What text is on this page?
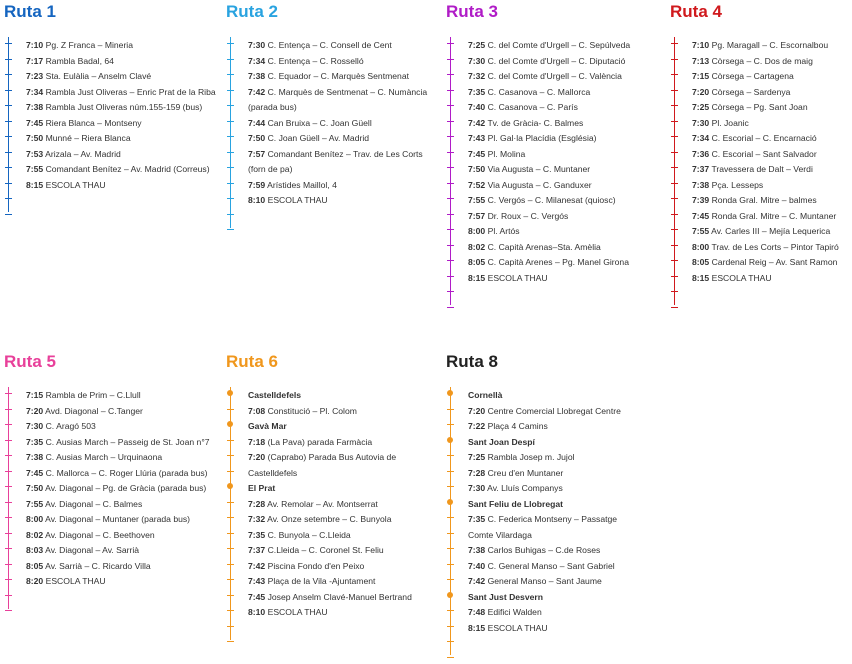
Ruta 1
7:10 Pg. Z Franca – Mineria
7:17 Rambla Badal, 64
7:23 Sta. Eulàlia – Anselm Clavé
7:34 Rambla Just Oliveras – Enric Prat de la Riba
7:38 Rambla Just Oliveras núm.155-159 (bus)
7:45 Riera Blanca – Montseny
7:50 Munné – Riera Blanca
7:53 Arizala – Av. Madrid
7:55 Comandant Benítez – Av. Madrid (Correus)
8:15 ESCOLA THAU
Ruta 2
7:30 C. Entença – C. Consell de Cent
7:34 C. Entença – C. Rosselló
7:38 C. Equador – C. Marquès Sentmenat
7:42 C. Marquès de Sentmenat – C. Numància
(parada bus)
7:44 Can Bruixa – C. Joan Güell
7:50 C. Joan Güell – Av. Madrid
7:57 Comandant Benítez – Trav. de Les Corts
(forn de pa)
7:59 Arístides Maillol, 4
8:10 ESCOLA THAU
Ruta 3
7:25 C. del Comte d'Urgell – C. Sepúlveda
7:30 C. del Comte d'Urgell – C. Diputació
7:32 C. del Comte d'Urgell – C. València
7:35 C. Casanova – C. Mallorca
7:40 C. Casanova – C. París
7:42 Tv. de Gràcia- C. Balmes
7:43 Pl. Gal·la Placídia (Església)
7:45 Pl. Molina
7:50 Via Augusta – C. Muntaner
7:52 Via Augusta – C. Ganduxer
7:55 C. Vergós – C. Milanesat (quiosc)
7:57 Dr. Roux – C. Vergós
8:00 Pl. Artós
8:02 C. Capità Arenas–Sta. Amèlia
8:05 C. Capità Arenes – Pg. Manel Girona
8:15 ESCOLA THAU
Ruta 4
7:10 Pg. Maragall – C. Escornalbou
7:13 Còrsega – C. Dos de maig
7:15 Còrsega – Cartagena
7:20 Còrsega – Sardenya
7:25 Còrsega – Pg. Sant Joan
7:30 Pl. Joanic
7:34 C. Escorial – C. Encarnació
7:36 C. Escorial – Sant Salvador
7:37 Travessera de Dalt – Verdi
7:38 Pça. Lesseps
7:39 Ronda Gral. Mitre – balmes
7:45 Ronda Gral. Mitre – C. Muntaner
7:55 Av. Carles III – Mejía Lequerica
8:00 Trav. de Les Corts – Pintor Tapiró
8:05 Cardenal Reig – Av. Sant Ramon
8:15 ESCOLA THAU
Ruta 5
7:15 Rambla de Prim – C.Llull
7:20 Avd. Diagonal – C.Tanger
7:30 C. Aragó 503
7:35 C. Ausias March – Passeig de St. Joan n°7
7:38 C. Ausias March – Urquinaona
7:45 C. Mallorca – C. Roger Llúria (parada bus)
7:50 Av. Diagonal – Pg. de Gràcia (parada bus)
7:55 Av. Diagonal – C. Balmes
8:00 Av. Diagonal – Muntaner (parada bus)
8:02 Av. Diagonal – C. Beethoven
8:03 Av. Diagonal – Av. Sarrià
8:05 Av. Sarrià – C. Ricardo Villa
8:20 ESCOLA THAU
Ruta 6
Castelldefels
7:08 Constitució – Pl. Colom
Gavà Mar
7:18 (La Pava) parada Farmàcia
7:20 (Caprabo) Parada Bus Autovia de
Castelldefels
El Prat
7:28 Av. Remolar – Av. Montserrat
7:32 Av. Onze setembre – C. Bunyola
7:35 C. Bunyola – C.Lleida
7:37 C.Lleida – C. Coronel St. Feliu
7:42 Piscina Fondo d'en Peixo
7:43 Plaça de la Vila -Ajuntament
7:45 Josep Anselm Clavé-Manuel Bertrand
8:10 ESCOLA THAU
Ruta 8
Cornellà
7:20 Centre Comercial Llobregat Centre
7:22 Plaça 4 Camins
Sant Joan Despí
7:25 Rambla Josep m. Jujol
7:28 Creu d'en Muntaner
7:30 Av. Lluís Companys
Sant Feliu de Llobregat
7:35 C. Federica Montseny – Passatge
Comte Vilardaga
7:38 Carlos Buhigas – C.de Roses
7:40 C. General Manso – Sant Gabriel
7:42 General Manso – Sant Jaume
Sant Just Desvern
7:48 Edifici Walden
8:15 ESCOLA THAU
